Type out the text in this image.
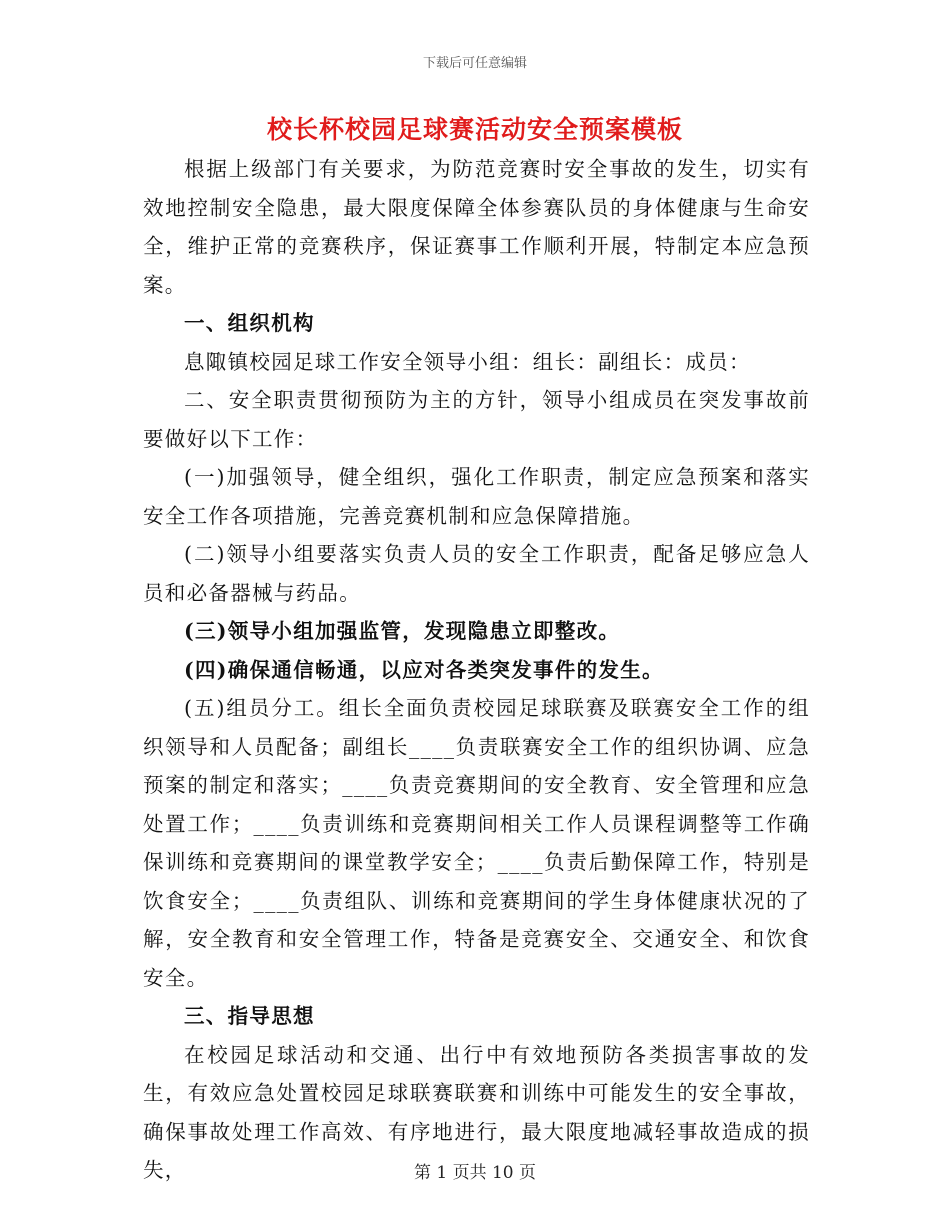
下载后可任意编辑
校长杯校园足球赛活动安全预案模板

根据上级部门有关要求，为防范竞赛时安全事故的发生，切实有效地控制安全隐患，最大限度保障全体参赛队员的身体健康与生命安全，维护正常的竞赛秩序，保证赛事工作顺利开展，特制定本应急预案。

一、组织机构

息陬镇校园足球工作安全领导小组：组长：副组长：成员：

二、安全职责贯彻预防为主的方针，领导小组成员在突发事故前要做好以下工作：

(一)加强领导，健全组织，强化工作职责，制定应急预案和落实安全工作各项措施，完善竞赛机制和应急保障措施。

(二)领导小组要落实负责人员的安全工作职责，配备足够应急人员和必备器械与药品。

(三)领导小组加强监管，发现隐患立即整改。

(四)确保通信畅通，以应对各类突发事件的发生。

(五)组员分工。组长全面负责校园足球联赛及联赛安全工作的组织领导和人员配备；副组长____负责联赛安全工作的组织协调、应急预案的制定和落实；____负责竞赛期间的安全教育、安全管理和应急处置工作；____负责训练和竞赛期间相关工作人员课程调整等工作确保训练和竞赛期间的课堂教学安全；____负责后勤保障工作，特别是饮食安全；____负责组队、训练和竞赛期间的学生身体健康状况的了解，安全教育和安全管理工作，特备是竞赛安全、交通安全、和饮食安全。

三、指导思想

在校园足球活动和交通、出行中有效地预防各类损害事故的发生，有效应急处置校园足球联赛联赛和训练中可能发生的安全事故，确保事故处理工作高效、有序地进行，最大限度地减轻事故造成的损失，	第 1 页共 10 页
